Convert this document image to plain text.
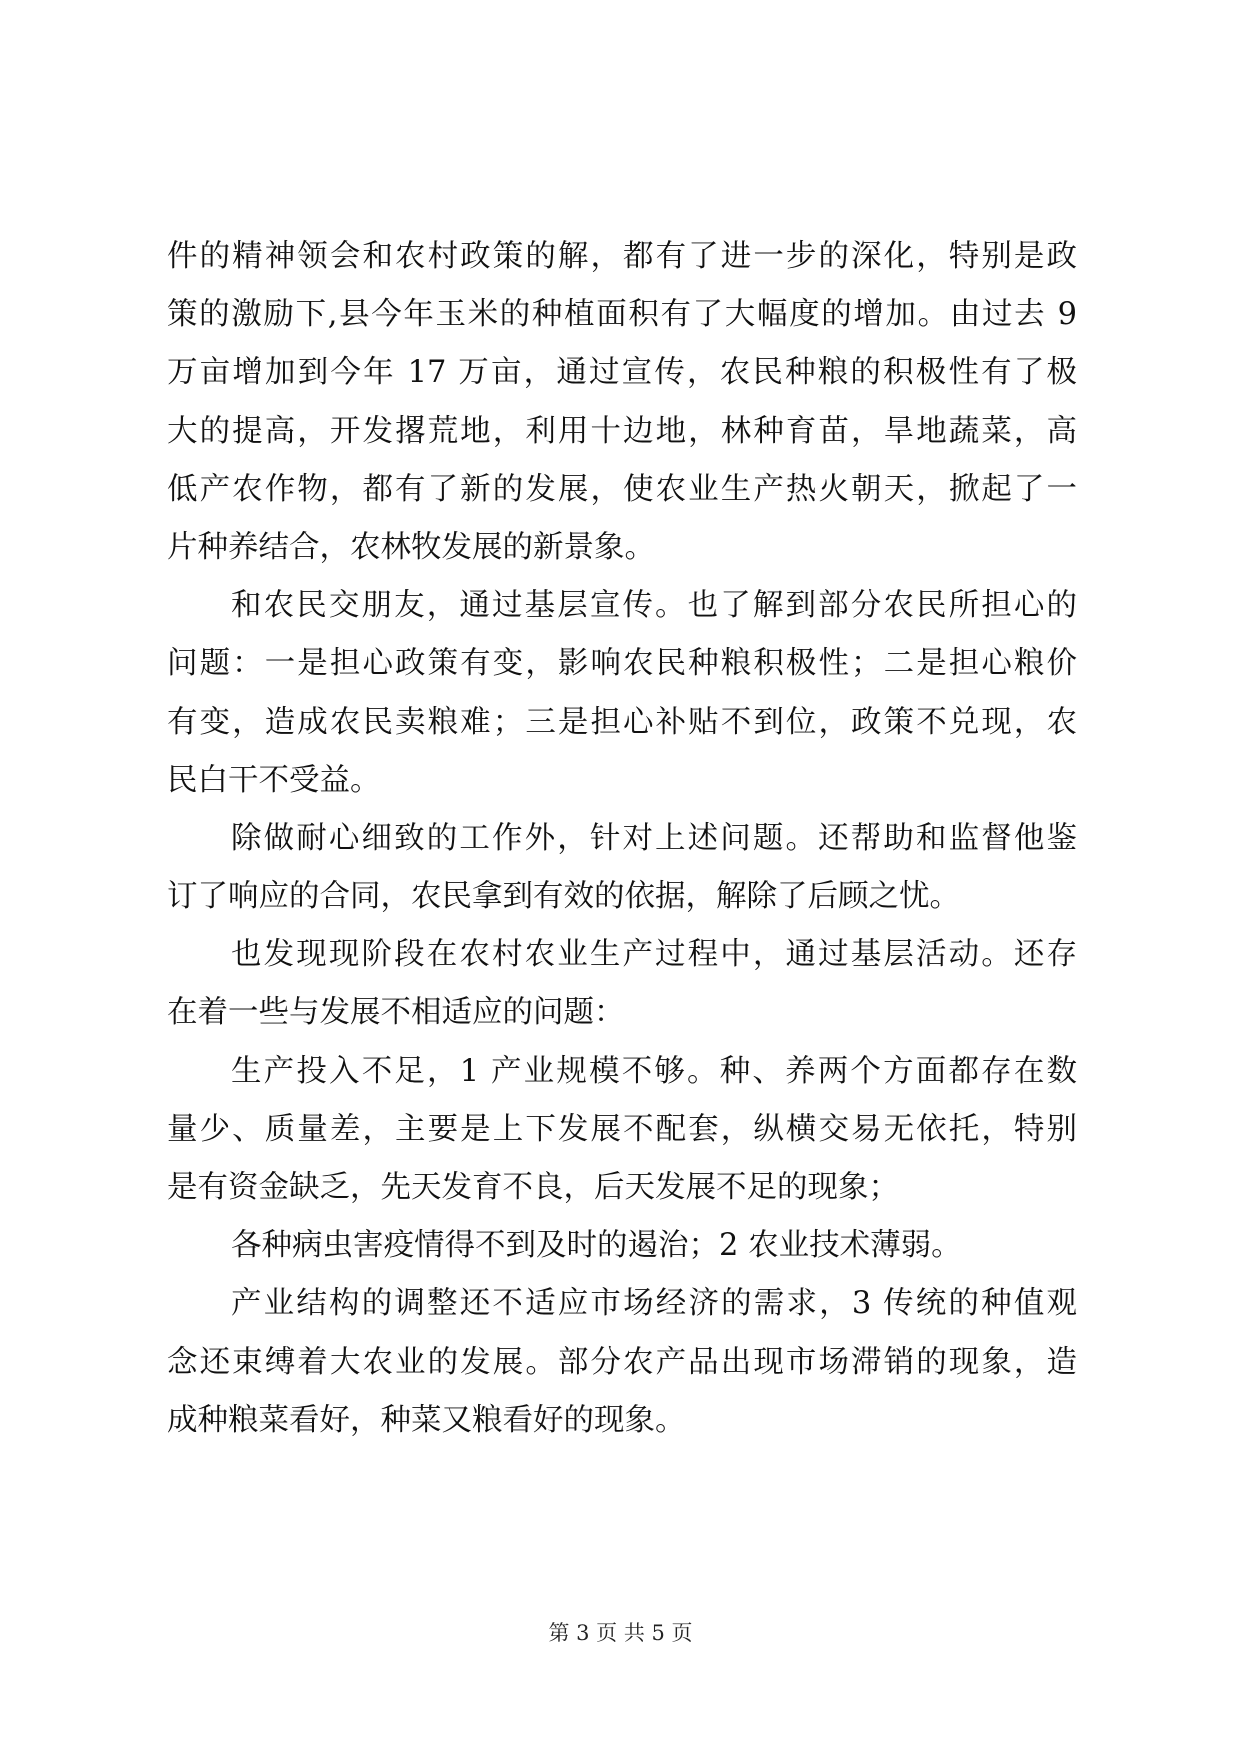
件的精神领会和农村政策的解，都有了进一步的深化，特别是政
策的激励下,县今年玉米的种植面积有了大幅度的增加。由过去 9
万亩增加到今年 17 万亩，通过宣传，农民种粮的积极性有了极
大的提高，开发撂荒地，利用十边地，林种育苗，旱地蔬菜，高
低产农作物，都有了新的发展，使农业生产热火朝天，掀起了一
片种养结合，农林牧发展的新景象。
和农民交朋友，通过基层宣传。也了解到部分农民所担心的
问题：一是担心政策有变，影响农民种粮积极性；二是担心粮价
有变，造成农民卖粮难；三是担心补贴不到位，政策不兑现，农
民白干不受益。
除做耐心细致的工作外，针对上述问题。还帮助和监督他鉴
订了响应的合同，农民拿到有效的依据，解除了后顾之忧。
也发现现阶段在农村农业生产过程中，通过基层活动。还存
在着一些与发展不相适应的问题：
生产投入不足，1 产业规模不够。种、养两个方面都存在数
量少、质量差，主要是上下发展不配套，纵横交易无依托，特别
是有资金缺乏，先天发育不良，后天发展不足的现象；
各种病虫害疫情得不到及时的遏治；2 农业技术薄弱。
产业结构的调整还不适应市场经济的需求，3 传统的种值观
念还束缚着大农业的发展。部分农产品出现市场滞销的现象，造
成种粮菜看好，种菜又粮看好的现象。
第 3 页 共 5 页
